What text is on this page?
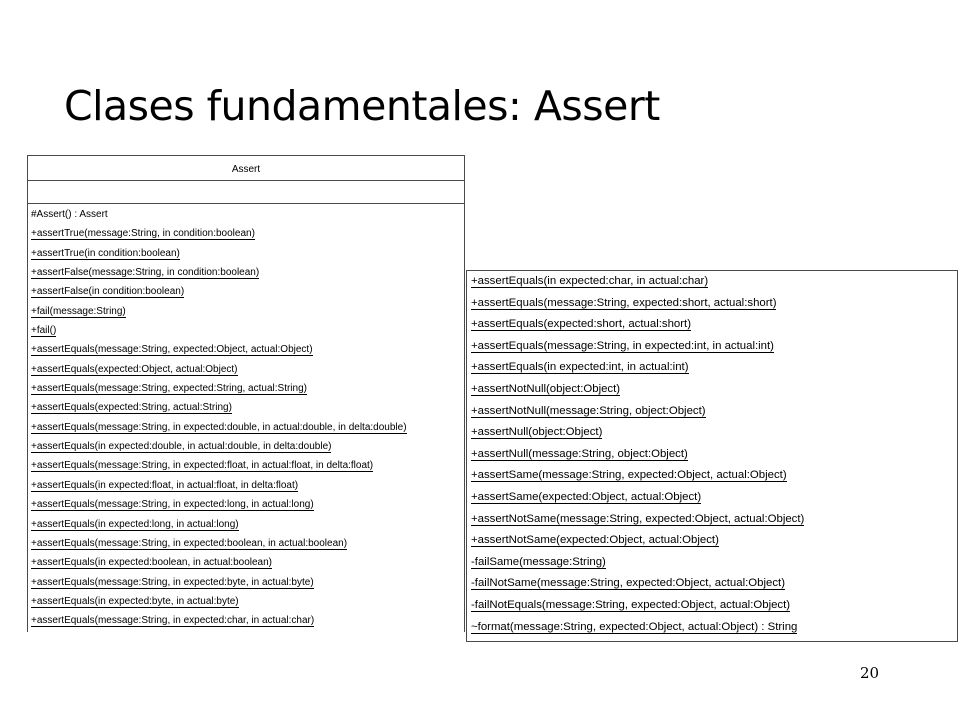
Clases fundamentales: Assert
Assert
#Assert() : Assert
+assertTrue(message:String, in condition:boolean)
+assertTrue(in condition:boolean)
+assertFalse(message:String, in condition:boolean)
+assertFalse(in condition:boolean)
+fail(message:String)
+fail()
+assertEquals(message:String, expected:Object, actual:Object)
+assertEquals(expected:Object, actual:Object)
+assertEquals(message:String, expected:String, actual:String)
+assertEquals(expected:String, actual:String)
+assertEquals(message:String, in expected:double, in actual:double, in delta:double)
+assertEquals(in expected:double, in actual:double, in delta:double)
+assertEquals(message:String, in expected:float, in actual:float, in delta:float)
+assertEquals(in expected:float, in actual:float, in delta:float)
+assertEquals(message:String, in expected:long, in actual:long)
+assertEquals(in expected:long, in actual:long)
+assertEquals(message:String, in expected:boolean, in actual:boolean)
+assertEquals(in expected:boolean, in actual:boolean)
+assertEquals(message:String, in expected:byte, in actual:byte)
+assertEquals(in expected:byte, in actual:byte)
+assertEquals(message:String, in expected:char, in actual:char)
+assertEquals(in expected:char, in actual:char)
+assertEquals(message:String, expected:short, actual:short)
+assertEquals(expected:short, actual:short)
+assertEquals(message:String, in expected:int, in actual:int)
+assertEquals(in expected:int, in actual:int)
+assertNotNull(object:Object)
+assertNotNull(message:String, object:Object)
+assertNull(object:Object)
+assertNull(message:String, object:Object)
+assertSame(message:String, expected:Object, actual:Object)
+assertSame(expected:Object, actual:Object)
+assertNotSame(message:String, expected:Object, actual:Object)
+assertNotSame(expected:Object, actual:Object)
-failSame(message:String)
-failNotSame(message:String, expected:Object, actual:Object)
-failNotEquals(message:String, expected:Object, actual:Object)
~format(message:String, expected:Object, actual:Object) : String
20
